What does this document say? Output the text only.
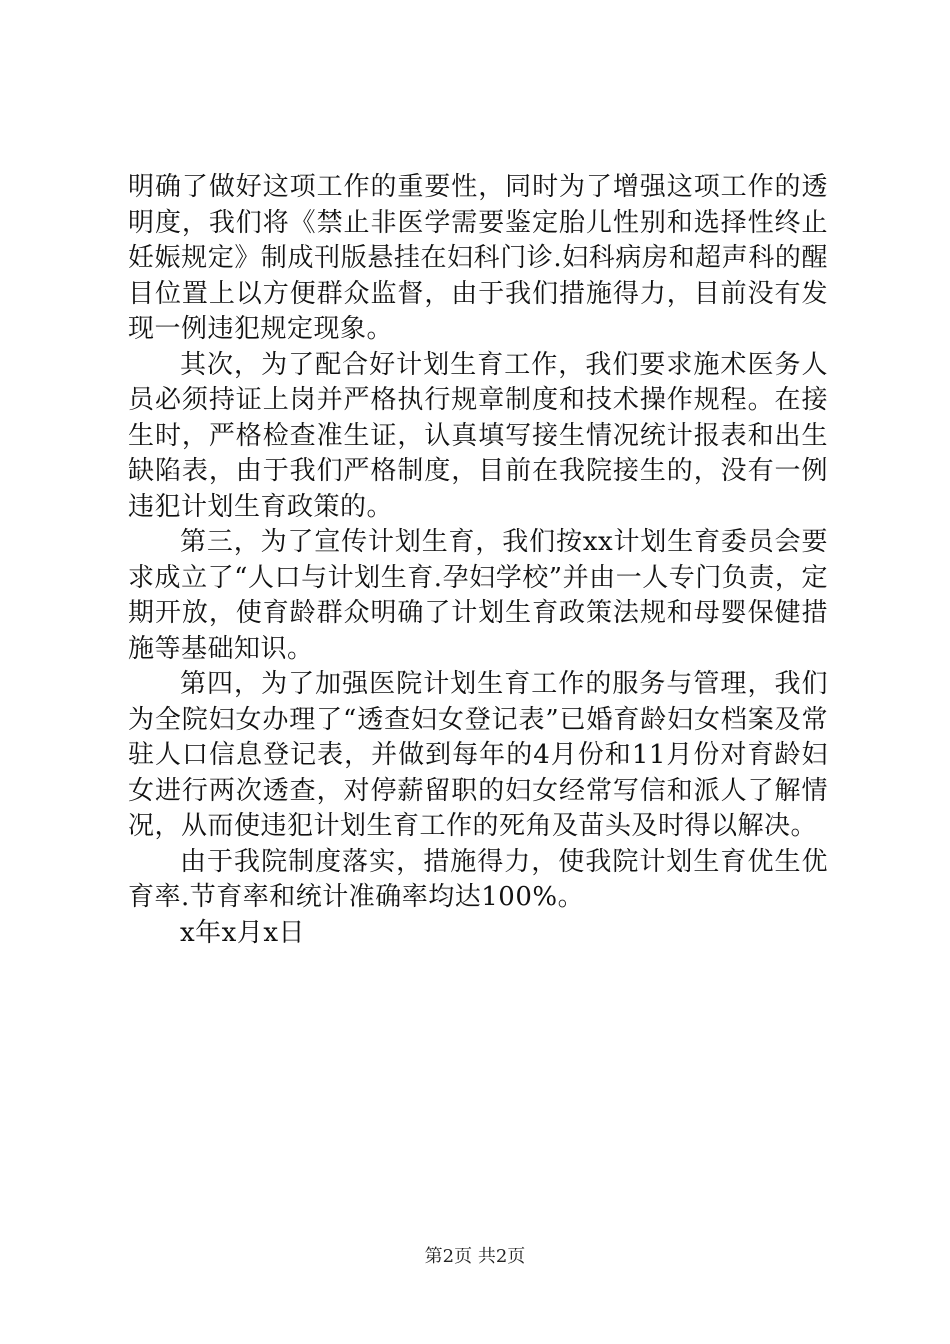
明确了做好这项工作的重要性，同时为了增强这项工作的透明度，我们将《禁止非医学需要鉴定胎儿性别和选择性终止妊娠规定》制成刊版悬挂在妇科门诊.妇科病房和超声科的醒目位置上以方便群众监督，由于我们措施得力，目前没有发现一例违犯规定现象。

其次，为了配合好计划生育工作，我们要求施术医务人员必须持证上岗并严格执行规章制度和技术操作规程。在接生时，严格检查准生证，认真填写接生情况统计报表和出生缺陷表，由于我们严格制度，目前在我院接生的，没有一例违犯计划生育政策的。

第三，为了宣传计划生育，我们按xx计划生育委员会要求成立了“人口与计划生育.孕妇学校”并由一人专门负责，定期开放，使育龄群众明确了计划生育政策法规和母婴保健措施等基础知识。

第四，为了加强医院计划生育工作的服务与管理，我们为全院妇女办理了“透查妇女登记表”已婚育龄妇女档案及常驻人口信息登记表，并做到每年的4月份和11月份对育龄妇女进行两次透查，对停薪留职的妇女经常写信和派人了解情况，从而使违犯计划生育工作的死角及苗头及时得以解决。

由于我院制度落实，措施得力，使我院计划生育优生优育率.节育率和统计准确率均达100%。

x年x月x日

第2页 共2页
